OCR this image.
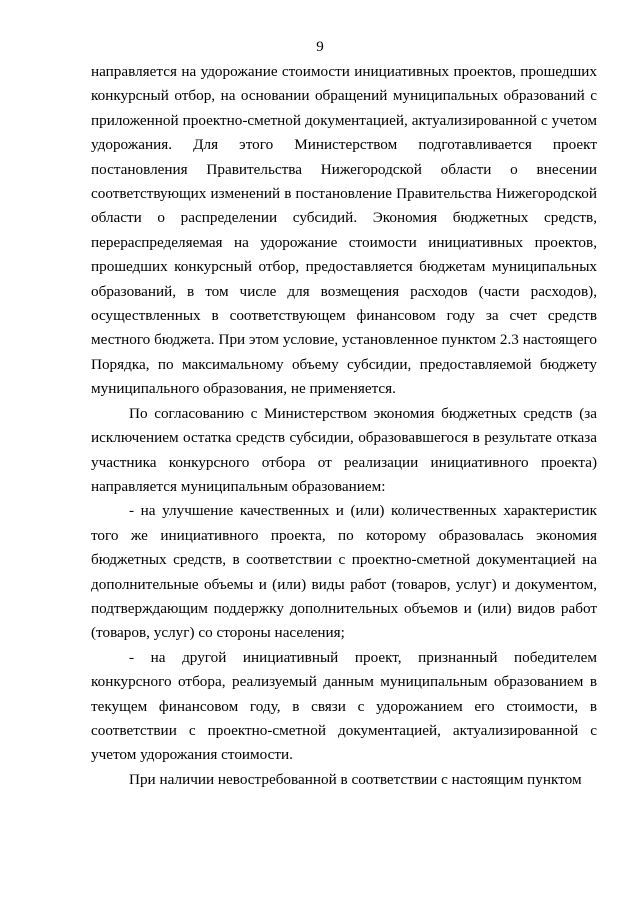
9

направляется на удорожание стоимости инициативных проектов, прошедших конкурсный отбор, на основании обращений муниципальных образований с приложенной проектно-сметной документацией, актуализированной с учетом удорожания. Для этого Министерством подготавливается проект постановления Правительства Нижегородской области о внесении соответствующих изменений в постановление Правительства Нижегородской области о распределении субсидий. Экономия бюджетных средств, перераспределяемая на удорожание стоимости инициативных проектов, прошедших конкурсный отбор, предоставляется бюджетам муниципальных образований, в том числе для возмещения расходов (части расходов), осуществленных в соответствующем финансовом году за счет средств местного бюджета. При этом условие, установленное пунктом 2.3 настоящего Порядка, по максимальному объему субсидии, предоставляемой бюджету муниципального образования, не применяется.

По согласованию с Министерством экономия бюджетных средств (за исключением остатка средств субсидии, образовавшегося в результате отказа участника конкурсного отбора от реализации инициативного проекта) направляется муниципальным образованием:

- на улучшение качественных и (или) количественных характеристик того же инициативного проекта, по которому образовалась экономия бюджетных средств, в соответствии с проектно-сметной документацией на дополнительные объемы и (или) виды работ (товаров, услуг) и документом, подтверждающим поддержку дополнительных объемов и (или) видов работ (товаров, услуг) со стороны населения;

- на другой инициативный проект, признанный победителем конкурсного отбора, реализуемый данным муниципальным образованием в текущем финансовом году, в связи с удорожанием его стоимости, в соответствии с проектно-сметной документацией, актуализированной с учетом удорожания стоимости.

При наличии невостребованной в соответствии с настоящим пунктом
